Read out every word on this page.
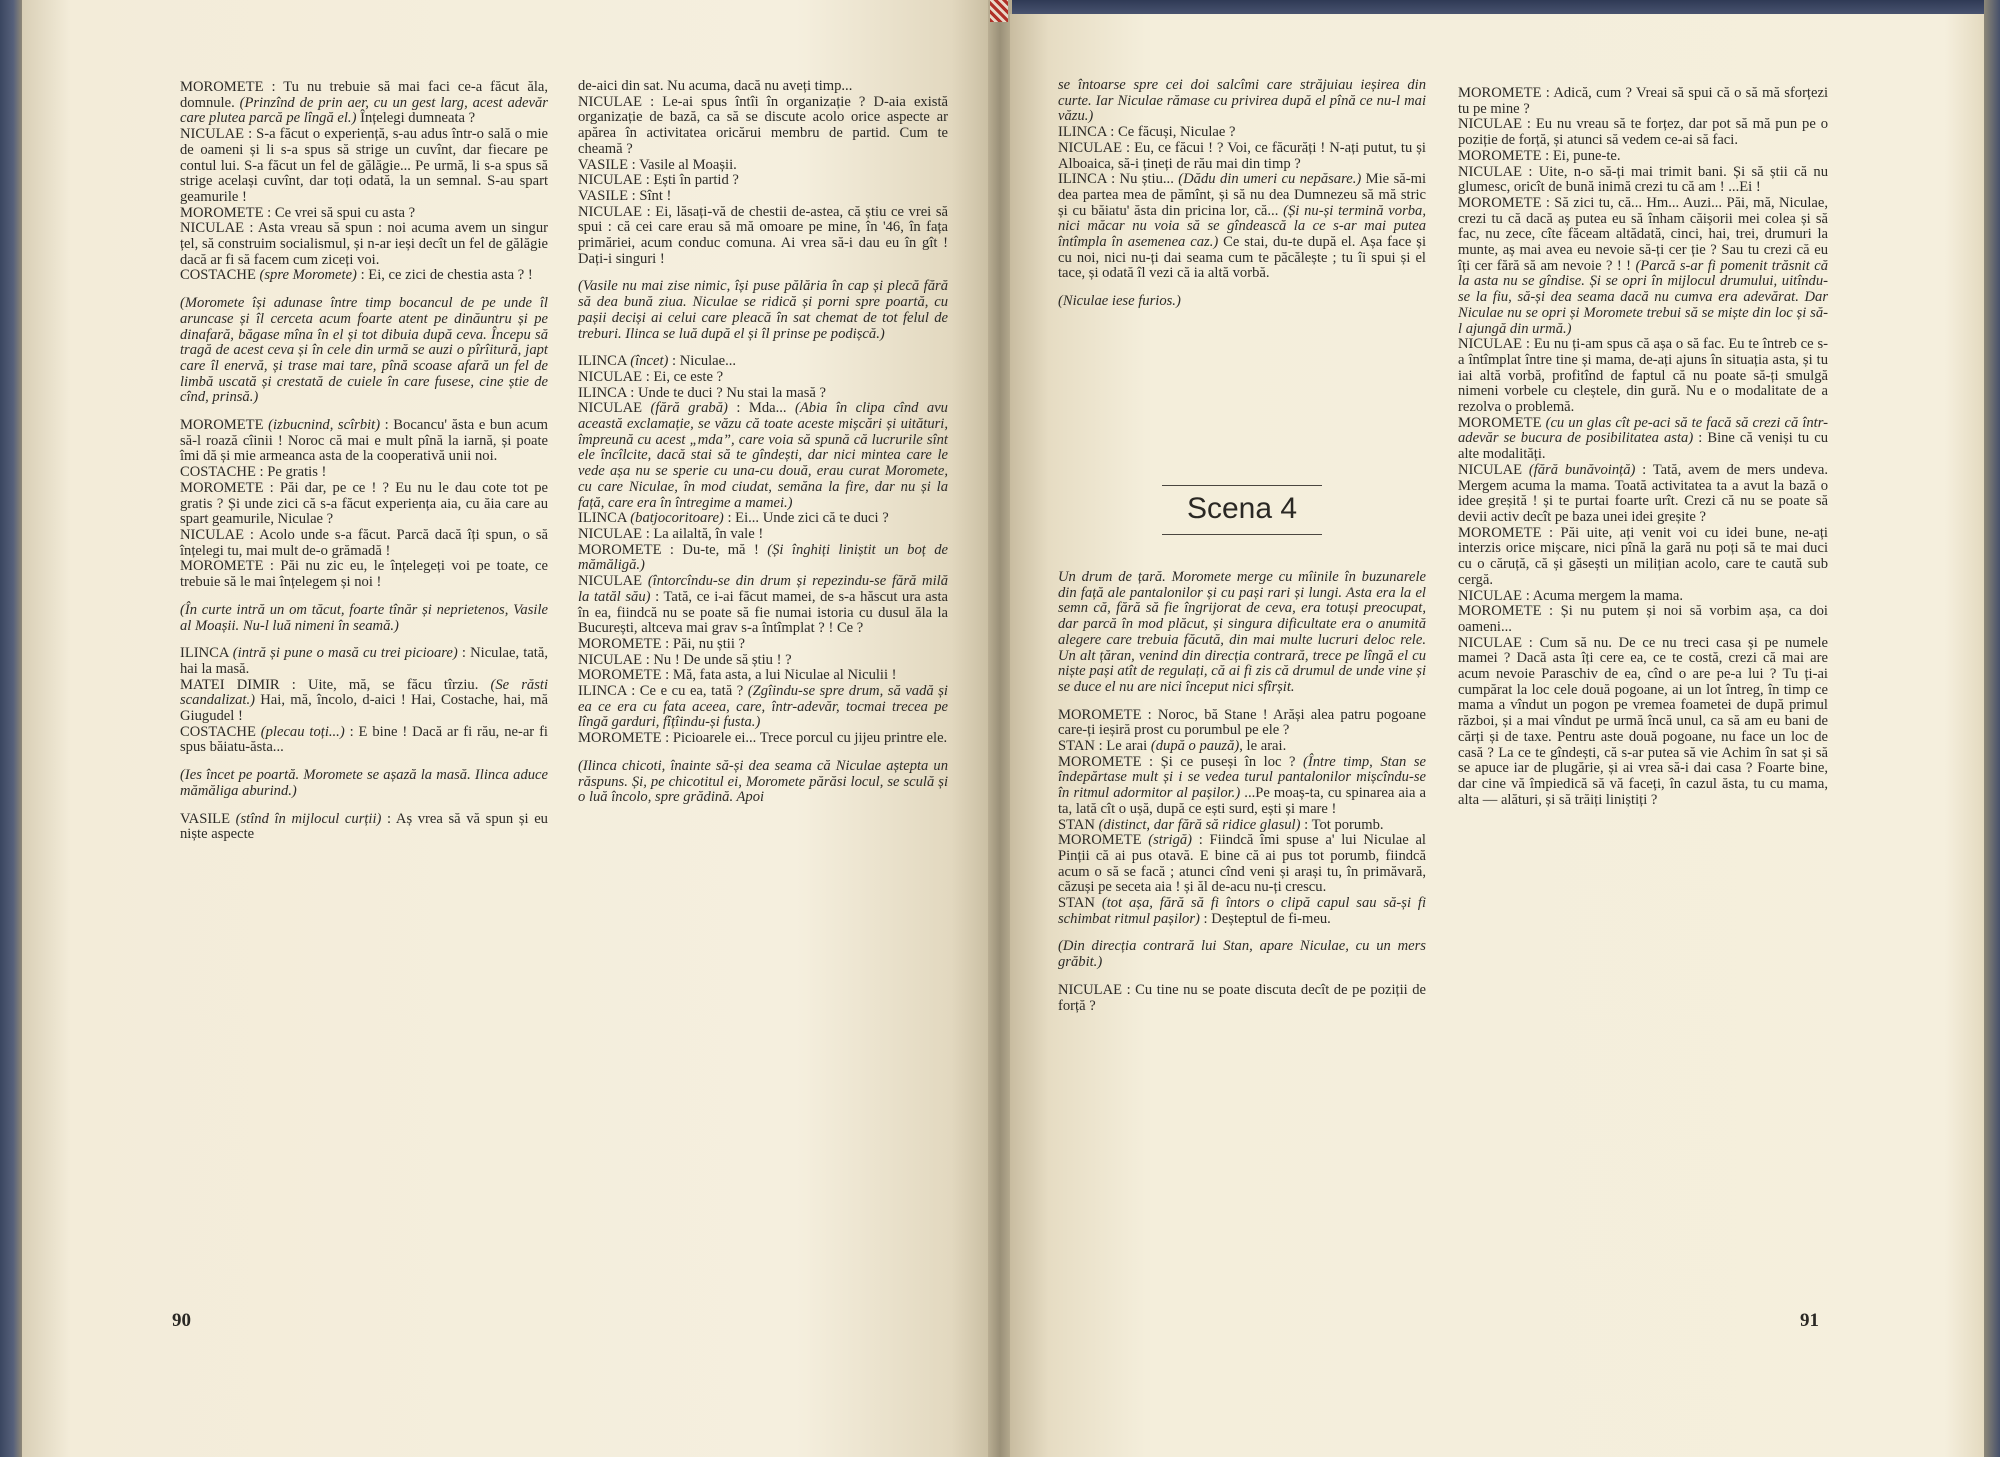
MOROMETE : Tu nu trebuie să mai faci ce-a făcut ăla, domnule. (Prinzînd de prin aer, cu un gest larg, acest adevăr care plutea parcă pe lîngă el.) Înțelegi dumneata ?

NICULAE : S-a făcut o experiență, s-au adus într-o sală o mie de oameni și li s-a spus să strige un cuvînt, dar fiecare pe contul lui. S-a făcut un fel de gălăgie... Pe urmă, li s-a spus să strige același cuvînt, dar toți odată, la un semnal. S-au spart geamurile !

MOROMETE : Ce vrei să spui cu asta ?

NICULAE : Asta vreau să spun : noi acuma avem un singur țel, să construim socialismul, și n-ar ieși decît un fel de gălăgie dacă ar fi să facem cum ziceți voi.

COSTACHE (spre Moromete) : Ei, ce zici de chestia asta ? !

(Moromete își adunase între timp bocancul de pe unde îl aruncase și îl cerceta acum foarte atent pe dinăuntru și pe dinafară, băgase mîna în el și tot dibuia după ceva. Începu să tragă de acest ceva și în cele din urmă se auzi o pîrîitură, japt care îl enervă, și trase mai tare, pînă scoase afară un fel de limbă uscată și crestată de cuiele în care fusese, cine știe de cînd, prinsă.)

MOROMETE (izbucnind, scîrbit) : Bocancu' ăsta e bun acum să-l roază cîinii ! Noroc că mai e mult pînă la iarnă, și poate îmi dă și mie armeanca asta de la cooperativă unii noi.

COSTACHE : Pe gratis !

MOROMETE : Păi dar, pe ce ! ? Eu nu le dau cote tot pe gratis ? Și unde zici că s-a făcut experiența aia, cu ăia care au spart geamurile, Niculae ?

NICULAE : Acolo unde s-a făcut. Parcă dacă îți spun, o să înțelegi tu, mai mult de-o grămadă !

MOROMETE : Păi nu zic eu, le înțelegeți voi pe toate, ce trebuie să le mai înțelegem și noi !

(În curte intră un om tăcut, foarte tînăr și neprietenos, Vasile al Moașii. Nu-l luă nimeni în seamă.)

ILINCA (intră și pune o masă cu trei picioare) : Niculae, tată, hai la masă.

MATEI DIMIR : Uite, mă, se făcu tîrziu. (Se răsti scandalizat.) Hai, mă, încolo, d-aici ! Hai, Costache, hai, mă Giugudel !

COSTACHE (plecau toți...) : E bine ! Dacă ar fi rău, ne-ar fi spus băiatu-ăsta...

(Ies încet pe poartă. Moromete se așază la masă. Ilinca aduce mămăliga aburind.)

VASILE (stînd în mijlocul curții) : Aș vrea să vă spun și eu niște aspecte

de-aici din sat. Nu acuma, dacă nu aveți timp...

NICULAE : Le-ai spus întîi în organizație ? D-aia există organizație de bază, ca să se discute acolo orice aspecte ar apărea în activitatea oricărui membru de partid. Cum te cheamă ?

VASILE : Vasile al Moașii.

NICULAE : Ești în partid ?

VASILE : Sînt !

NICULAE : Ei, lăsați-vă de chestii de-astea, că știu ce vrei să spui : că cei care erau să mă omoare pe mine, în '46, în fața primăriei, acum conduc comuna. Ai vrea să-i dau eu în gît ! Dați-i singuri !

(Vasile nu mai zise nimic, își puse pălăria în cap și plecă fără să dea bună ziua. Niculae se ridică și porni spre poartă, cu pașii deciși ai celui care pleacă în sat chemat de tot felul de treburi. Ilinca se luă după el și îl prinse pe podișcă.)

ILINCA (încet) : Niculae...

NICULAE : Ei, ce este ?

ILINCA : Unde te duci ? Nu stai la masă ?

NICULAE (fără grabă) : Mda... (Abia în clipa cînd avu această exclamație, se văzu că toate aceste mișcări și uitături, împreună cu acest „mda”, care voia să spună că lucrurile sînt ele încîlcite, dacă stai să te gîndești, dar nici mintea care le vede așa nu se sperie cu una-cu două, erau curat Moromete, cu care Niculae, în mod ciudat, semăna la fire, dar nu și la față, care era în întregime a mamei.)

ILINCA (batjocoritoare) : Ei... Unde zici că te duci ?

NICULAE : La ailaltă, în vale !

MOROMETE : Du-te, mă ! (Și înghiți liniștit un boț de mămăligă.)

NICULAE (întorcîndu-se din drum și repezindu-se fără milă la tatăl său) : Tată, ce i-ai făcut mamei, de s-a hăscut ura asta în ea, fiindcă nu se poate să fie numai istoria cu dusul ăla la București, altceva mai grav s-a întîmplat ? ! Ce ?

MOROMETE : Păi, nu știi ?

NICULAE : Nu ! De unde să știu ! ?

MOROMETE : Mă, fata asta, a lui Niculae al Niculii !

ILINCA : Ce e cu ea, tată ? (Zgîindu-se spre drum, să vadă și ea ce era cu fata aceea, care, într-adevăr, tocmai trecea pe lîngă garduri, fîțîindu-și fusta.)

MOROMETE : Picioarele ei... Trece porcul cu jijeu printre ele.

(Ilinca chicoti, înainte să-și dea seama că Niculae aștepta un răspuns. Și, pe chicotitul ei, Moromete părăsi locul, se sculă și o luă încolo, spre grădină. Apoi

se întoarse spre cei doi salcîmi care străjuiau ieșirea din curte. Iar Niculae rămase cu privirea după el pînă ce nu-l mai văzu.)

ILINCA : Ce făcuși, Niculae ?

NICULAE : Eu, ce făcui ! ? Voi, ce făcurăți ! N-ați putut, tu și Alboaica, să-i țineți de rău mai din timp ?

ILINCA : Nu știu... (Dădu din umeri cu nepăsare.) Mie să-mi dea partea mea de pămînt, și să nu dea Dumnezeu să mă stric și cu băiatu' ăsta din pricina lor, că... (Și nu-și termină vorba, nici măcar nu voia să se gîndească la ce s-ar mai putea întîmpla în asemenea caz.) Ce stai, du-te după el. Așa face și cu noi, nici nu-ți dai seama cum te păcălește ; tu îi spui și el tace, și odată îl vezi că ia altă vorbă.

(Niculae iese furios.)

Scena 4

Un drum de țară. Moromete merge cu mîinile în buzunarele din față ale pantalonilor și cu pași rari și lungi. Asta era la el semn că, fără să fie îngrijorat de ceva, era totuși preocupat, dar parcă în mod plăcut, și singura dificultate era o anumită alegere care trebuia făcută, din mai multe lucruri deloc rele. Un alt țăran, venind din direcția contrară, trece pe lîngă el cu niște pași atît de regulați, că ai fi zis că drumul de unde vine și se duce el nu are nici început nici sfîrșit.

MOROMETE : Noroc, bă Stane ! Arăși alea patru pogoane care-ți ieșiră prost cu porumbul pe ele ?

STAN : Le arai (după o pauză), le arai.

MOROMETE : Și ce puseși în loc ? (Între timp, Stan se îndepărtase mult și i se vedea turul pantalonilor mișcîndu-se în ritmul adormitor al pașilor.) ...Pe moaș-ta, cu spinarea aia a ta, lată cît o ușă, după ce ești surd, ești și mare !

STAN (distinct, dar fără să ridice glasul) : Tot porumb.

MOROMETE (strigă) : Fiindcă îmi spuse a' lui Niculae al Pinții că ai pus otavă. E bine că ai pus tot porumb, fiindcă acum o să se facă ; atunci cînd veni și arași tu, în primăvară, căzuși pe seceta aia ! și ăl de-acu nu-ți crescu.

STAN (tot așa, fără să fi întors o clipă capul sau să-și fi schimbat ritmul pașilor) : Deșteptul de fi-meu.

(Din direcția contrară lui Stan, apare Niculae, cu un mers grăbit.)

NICULAE : Cu tine nu se poate discuta decît de pe poziții de forță ?

MOROMETE : Adică, cum ? Vreai să spui că o să mă sforțezi tu pe mine ?

NICULAE : Eu nu vreau să te forțez, dar pot să mă pun pe o poziție de forță, și atunci să vedem ce-ai să faci.

MOROMETE : Ei, pune-te.

NICULAE : Uite, n-o să-ți mai trimit bani. Și să știi că nu glumesc, oricît de bună inimă crezi tu că am ! ...Ei !

MOROMETE : Să zici tu, că... Hm... Auzi... Păi, mă, Niculae, crezi tu că dacă aș putea eu să înham căișorii mei colea și să fac, nu zece, cîte făceam altădată, cinci, hai, trei, drumuri la munte, aș mai avea eu nevoie să-ți cer ție ? Sau tu crezi că eu îți cer fără să am nevoie ? ! ! (Parcă s-ar fi pomenit trăsnit că la asta nu se gîndise. Și se opri în mijlocul drumului, uitîndu-se la fiu, să-și dea seama dacă nu cumva era adevărat. Dar Niculae nu se opri și Moromete trebui să se miște din loc și să-l ajungă din urmă.)

NICULAE : Eu nu ți-am spus că așa o să fac. Eu te întreb ce s-a întîmplat între tine și mama, de-ați ajuns în situația asta, și tu iai altă vorbă, profitînd de faptul că nu poate să-ți smulgă nimeni vorbele cu cleștele, din gură. Nu e o modalitate de a rezolva o problemă.

MOROMETE (cu un glas cît pe-aci să te facă să crezi că într-adevăr se bucura de posibilitatea asta) : Bine că veniși tu cu alte modalități.

NICULAE (fără bunăvoință) : Tată, avem de mers undeva. Mergem acuma la mama. Toată activitatea ta a avut la bază o idee greșită ! și te purtai foarte urît. Crezi că nu se poate să devii activ decît pe baza unei idei greșite ?

MOROMETE : Păi uite, ați venit voi cu idei bune, ne-ați interzis orice mișcare, nici pînă la gară nu poți să te mai duci cu o căruță, că și găsești un milițian acolo, care te caută sub cergă.

NICULAE : Acuma mergem la mama.

MOROMETE : Și nu putem și noi să vorbim așa, ca doi oameni...

NICULAE : Cum să nu. De ce nu treci casa și pe numele mamei ? Dacă asta îți cere ea, ce te costă, crezi că mai are acum nevoie Paraschiv de ea, cînd o are pe-a lui ? Tu ți-ai cumpărat la loc cele două pogoane, ai un lot întreg, în timp ce mama a vîndut un pogon pe vremea foametei de după primul război, și a mai vîndut pe urmă încă unul, ca să am eu bani de cărți și de taxe. Pentru aste două pogoane, nu face un loc de casă ? La ce te gîndești, că s-ar putea să vie Achim în sat și să se apuce iar de plugărie, și ai vrea să-i dai casa ? Foarte bine, dar cine vă împiedică să vă faceți, în cazul ăsta, tu cu mama, alta — alături, și să trăiți liniștiți ?

90	91
